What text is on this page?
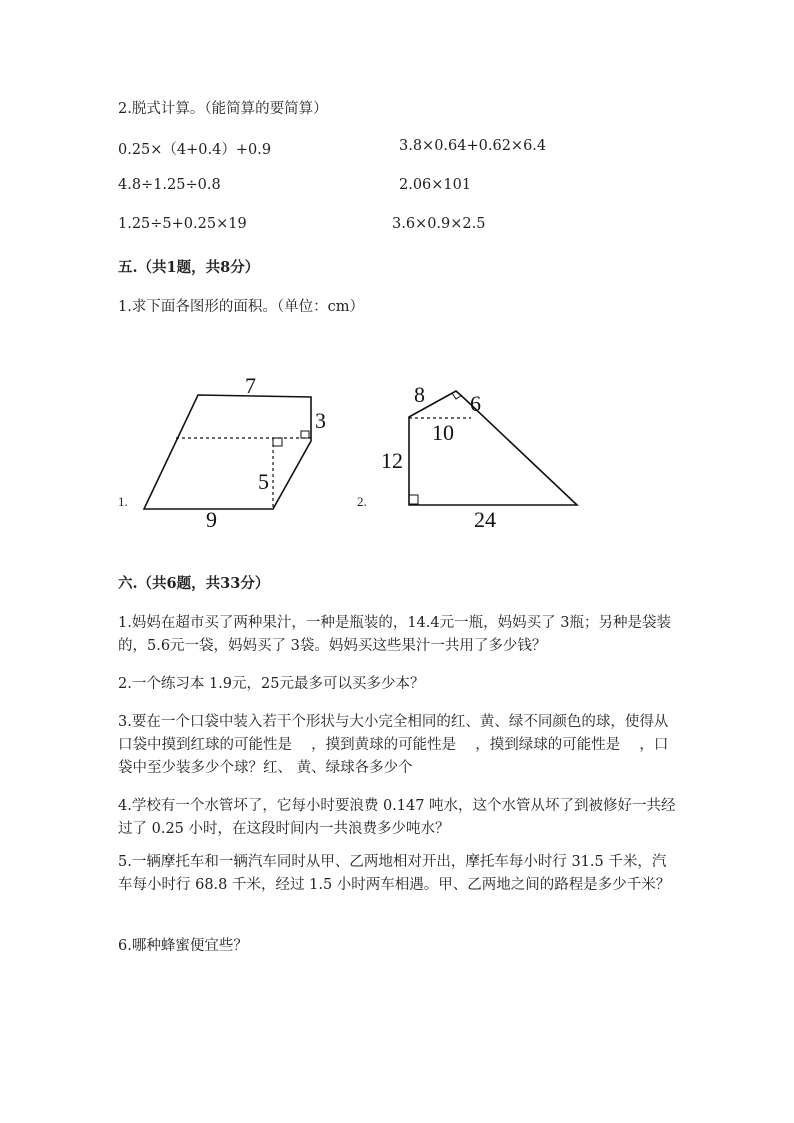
2.脱式计算。（能简算的要简算）
0.25×（4+0.4）+0.9	3.8×0.64+0.62×6.4
4.8÷1.25÷0.8	2.06×101
1.25÷5+0.25×19	3.6×0.9×2.5
五.（共1题，共8分）
1.求下面各图形的面积。（单位：cm）
1.	2.
7
3
5
9
8 6
10
12
24
六.（共6题，共33分）
1.妈妈在超市买了两种果汁，一种是瓶装的，14.4元一瓶，妈妈买了 3瓶；另种是袋装的，5.6元一袋，妈妈买了 3袋。妈妈买这些果汁一共用了多少钱？
2.一个练习本 1.9元，25元最多可以买多少本？
3.要在一个口袋中装入若干个形状与大小完全相同的红、黄、绿不同颜色的球，使得从口袋中摸到红球的可能性是　 ，摸到黄球的可能性是　 ，摸到绿球的可能性是　 ，口袋中至少装多少个球？红、 黄、绿球各多少个
4.学校有一个水管坏了，它每小时要浪费 0.147 吨水，这个水管从坏了到被修好一共经过了 0.25 小时，在这段时间内一共浪费多少吨水？
5.一辆摩托车和一辆汽车同时从甲、乙两地相对开出，摩托车每小时行 31.5 千米，汽车每小时行 68.8 千米，经过 1.5 小时两车相遇。甲、乙两地之间的路程是多少千米？
6.哪种蜂蜜便宜些？
